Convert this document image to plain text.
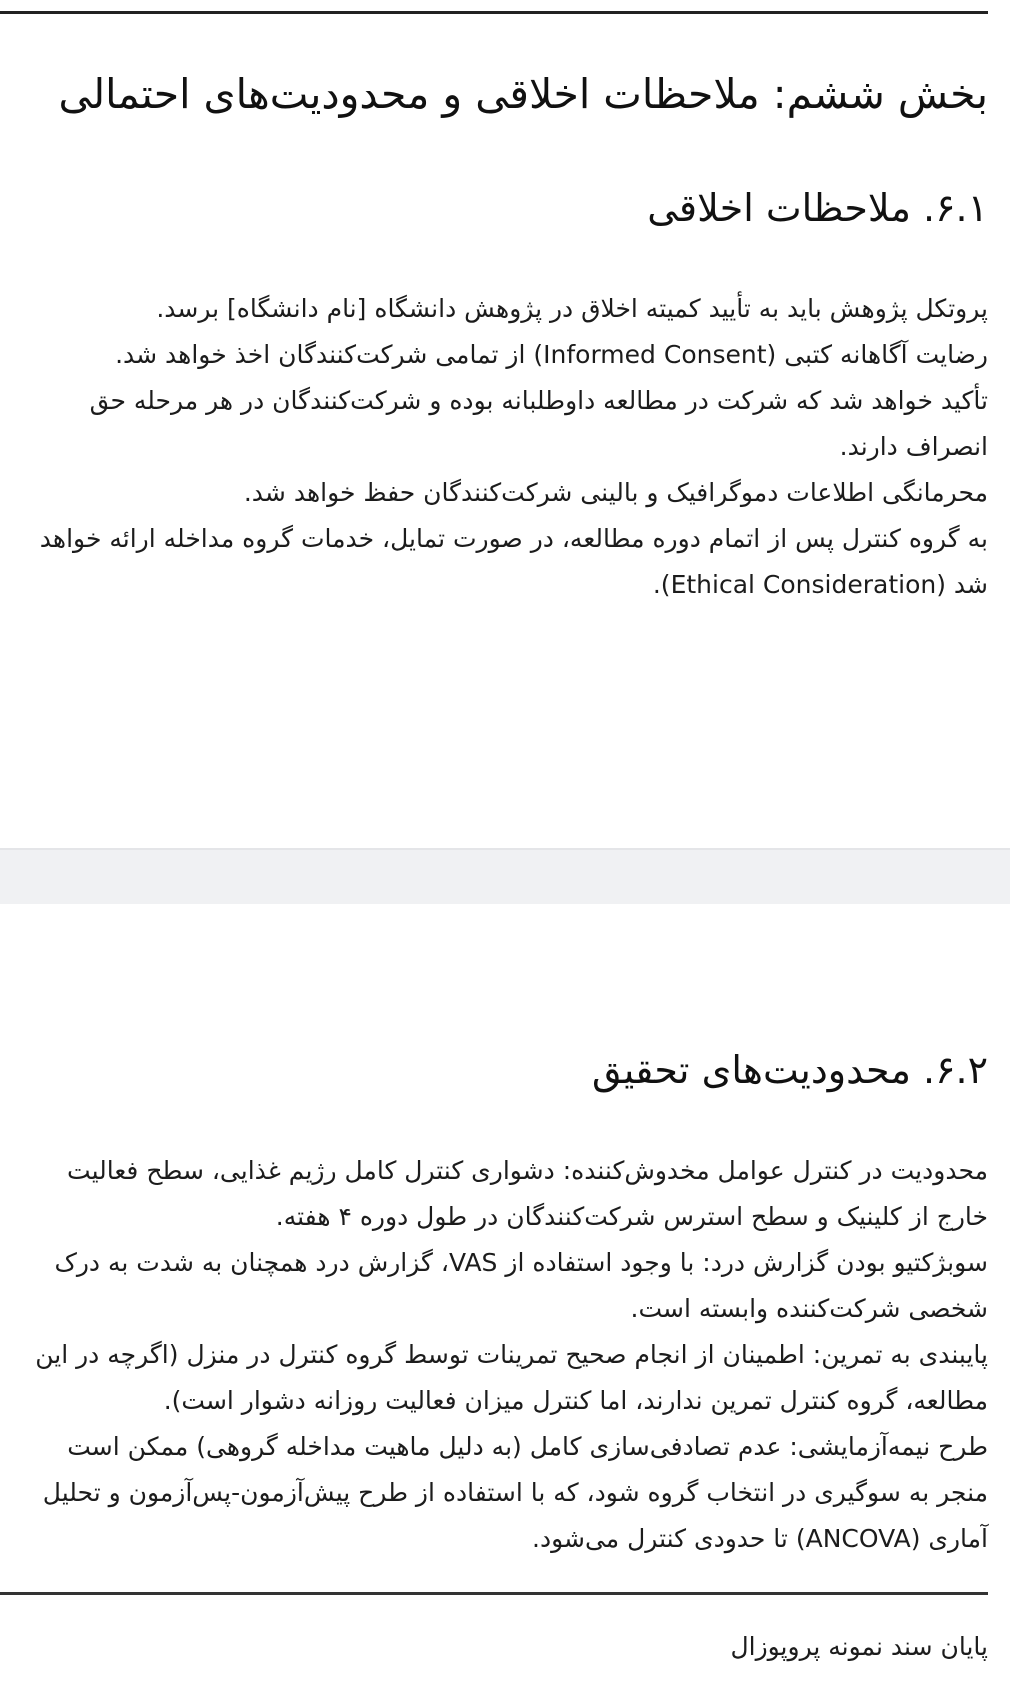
بخش ششم: ملاحظات اخلاقی و محدودیت‌های احتمالی
۶.۱. ملاحظات اخلاقی

پروتکل پژوهش باید به تأیید کمیته اخلاق در پژوهش دانشگاه [نام دانشگاه] برسد.

رضایت آگاهانه کتبی (Informed Consent) از تمامی شرکت‌کنندگان اخذ خواهد شد.

تأکید خواهد شد که شرکت در مطالعه داوطلبانه بوده و شرکت‌کنندگان در هر مرحله حق انصراف دارند.

محرمانگی اطلاعات دموگرافیک و بالینی شرکت‌کنندگان حفظ خواهد شد.

به گروه کنترل پس از اتمام دوره مطالعه، در صورت تمایل، خدمات گروه مداخله ارائه خواهد شد (Ethical Consideration).

۶.۲. محدودیت‌های تحقیق

محدودیت در کنترل عوامل مخدوش‌کننده: دشواری کنترل کامل رژیم غذایی، سطح فعالیت خارج از کلینیک و سطح استرس شرکت‌کنندگان در طول دوره ۴ هفته.

سوبژکتیو بودن گزارش درد: با وجود استفاده از VAS، گزارش درد همچنان به شدت به درک شخصی شرکت‌کننده وابسته است.

پایبندی به تمرین: اطمینان از انجام صحیح تمرینات توسط گروه کنترل در منزل (اگرچه در این مطالعه، گروه کنترل تمرین ندارند، اما کنترل میزان فعالیت روزانه دشوار است).

طرح نیمه‌آزمایشی: عدم تصادفی‌سازی کامل (به دلیل ماهیت مداخله گروهی) ممکن است منجر به سوگیری در انتخاب گروه شود، که با استفاده از طرح پیش‌آزمون-پس‌آزمون و تحلیل آماری (ANCOVA) تا حدودی کنترل می‌شود.

پایان سند نمونه پروپوزال
